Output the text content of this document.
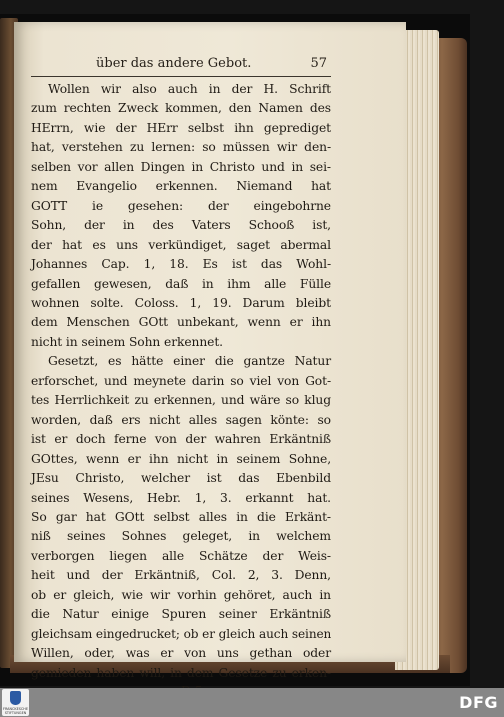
über das andere Gebot.	57
Wollen wir also auch in der H. Schrift
zum rechten Zweck kommen, den Namen des
HErrn, wie der HErr selbst ihn geprediget
hat, verstehen zu lernen: so müssen wir den-
selben vor allen Dingen in Christo und in sei-
nem Evangelio erkennen. Niemand hat
GOTT ie gesehen: der eingebohrne
Sohn, der in des Vaters Schooß ist,
der hat es uns verkündiget, saget abermal
Johannes Cap. 1, 18. Es ist das Wohl-
gefallen gewesen, daß in ihm alle Fülle
wohnen solte. Coloss. 1, 19. Darum bleibt
dem Menschen GOtt unbekant, wenn er ihn
nicht in seinem Sohn erkennet.
Gesetzt, es hätte einer die gantze Natur
erforschet, und meynete darin so viel von Got-
tes Herrlichkeit zu erkennen, und wäre so klug
worden, daß ers nicht alles sagen könte: so
ist er doch ferne von der wahren Erkäntniß
GOttes, wenn er ihn nicht in seinem Sohne,
JEsu Christo, welcher ist das Ebenbild
seines Wesens, Hebr. 1, 3. erkannt hat.
So gar hat GOtt selbst alles in die Erkänt-
niß seines Sohnes geleget, in welchem
verborgen liegen alle Schätze der Weis-
heit und der Erkäntniß, Col. 2, 3. Denn,
ob er gleich, wie wir vorhin gehöret, auch in
die Natur einige Spuren seiner Erkäntniß
gleichsam eingedrucket; ob er gleich auch seinen
Willen, oder, was er von uns gethan oder
gemieden haben will, in dem Gesetze zu erken-
FRANCKESCHE
STIFTUNGEN
DFG
